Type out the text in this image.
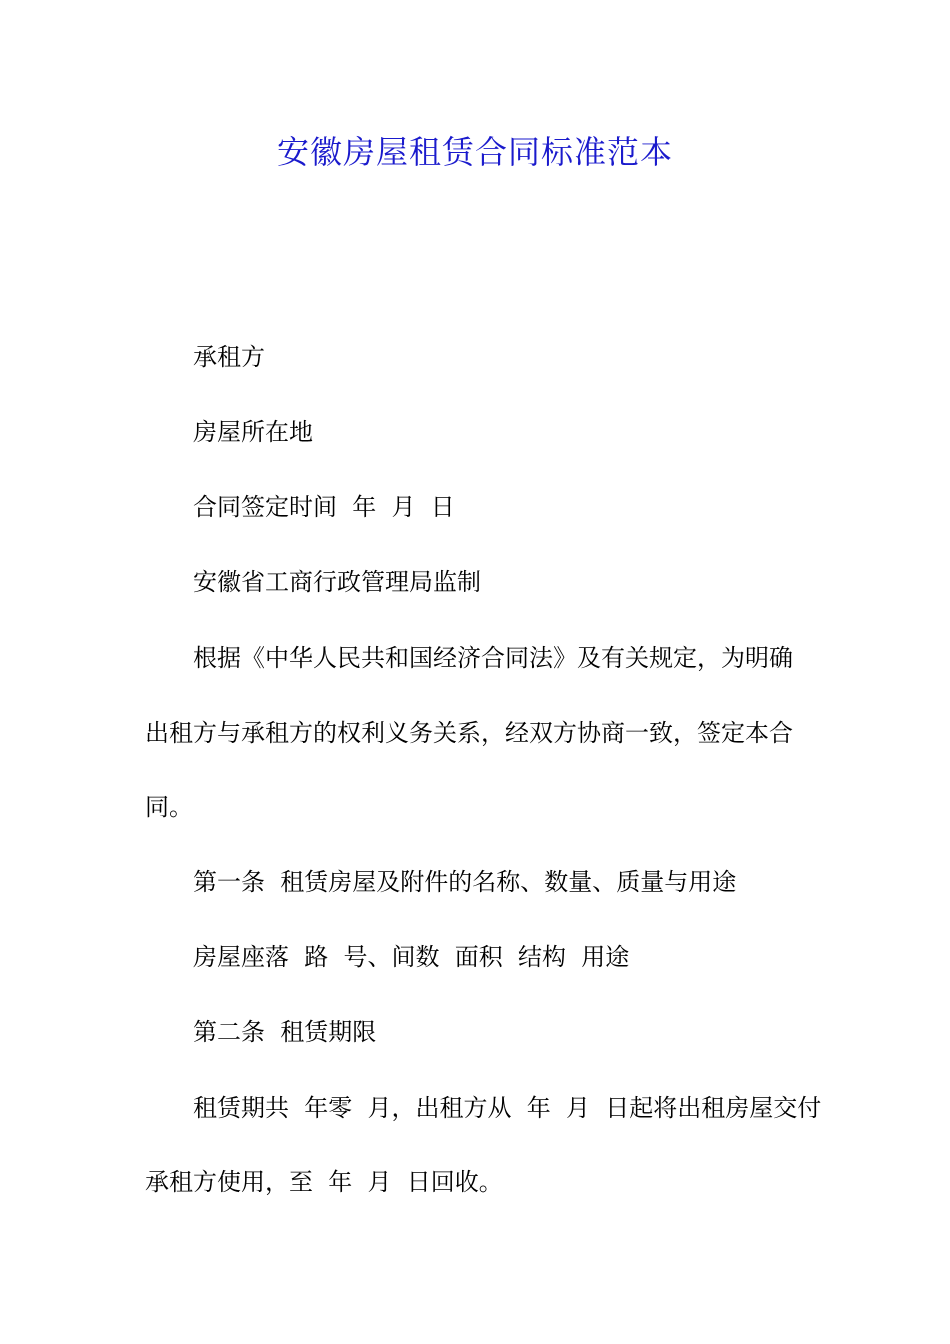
安徽房屋租赁合同标准范本
承租方
房屋所在地
合同签定时间  年  月  日
安徽省工商行政管理局监制
根据《中华人民共和国经济合同法》及有关规定，为明确
出租方与承租方的权利义务关系，经双方协商一致，签定本合
同。
第一条  租赁房屋及附件的名称、数量、质量与用途
房屋座落  路  号、间数  面积  结构  用途
第二条  租赁期限
租赁期共  年零  月，出租方从  年  月  日起将出租房屋交付
承租方使用，至  年  月  日回收。
